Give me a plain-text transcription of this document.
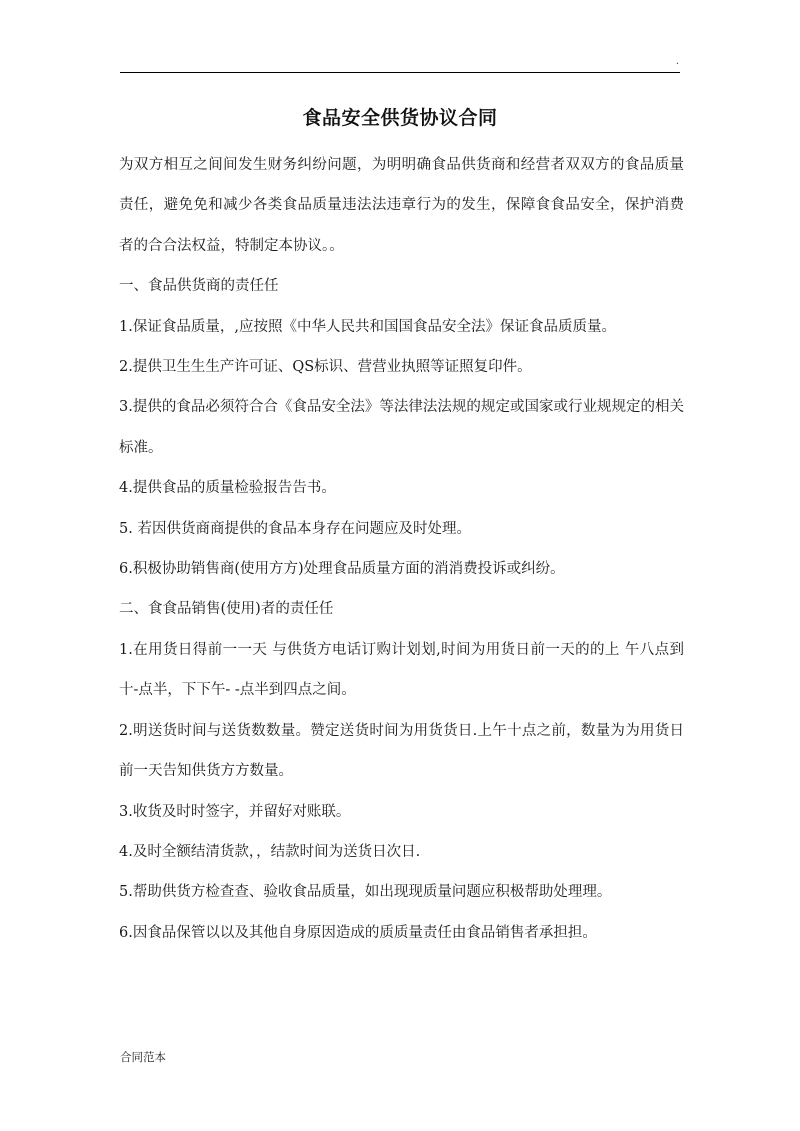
.
食品安全供货协议合同

为双方相互之间间发生财务纠纷问题，为明明确食品供货商和经营者双双方的食品质量责任，避免免和减少各类食品质量违法法违章行为的发生，保障食食品安全，保护消费者的合合法权益，特制定本协议。。

一、食品供货商的责任任

1.保证食品质量，,应按照《中华人民共和国国食品安全法》保证食品质质量。

2.提供卫生生生产许可证、QS标识、营营业执照等证照复印件。

3.提供的食品必须符合合《食品安全法》等法律法法规的规定或国家或行业规规定的相关标准。

4.提供食品的质量检验报告告书。

5. 若因供货商商提供的食品本身存在问题应及时处理。

6.积极协助销售商(使用方方)处理食品质量方面的消消费投诉或纠纷。

二、食食品销售(使用)者的责任任

1.在用货日得前一一天 与供货方电话订购计划划,时间为用货日前一天的的上 午八点到十-点半，下下午- -点半到四点之间。

2.明送货时间与送货数数量。赞定送货时间为用货货日.上午十点之前，数量为为用货日前一天告知供货方方数量。

3.收货及时时签字，并留好对账联。

4.及时全额结清货款，，结款时间为送货日次日.

5.帮助供货方检查查、验收食品质量，如出现现质量问题应积极帮助处理理。

6.因食品保管以以及其他自身原因造成的质质量责任由食品销售者承担担。

合同范本
